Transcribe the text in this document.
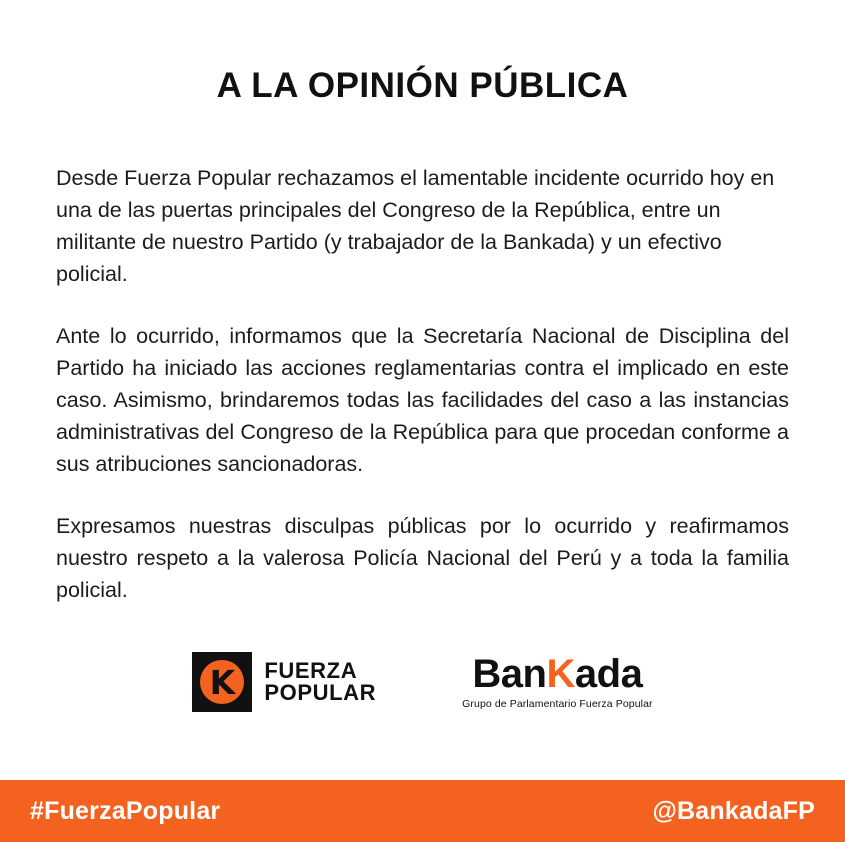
A LA OPINIÓN PÚBLICA

Desde Fuerza Popular rechazamos el lamentable incidente ocurrido hoy en una de las puertas principales del Congreso de la República, entre un militante de nuestro Partido (y trabajador de la Bankada) y un efectivo policial.

Ante lo ocurrido, informamos que la Secretaría Nacional de Disciplina del Partido ha iniciado las acciones reglamentarias contra el implicado en este caso. Asimismo, brindaremos todas las facilidades del caso a las instancias administrativas del Congreso de la República para que procedan conforme a sus atribuciones sancionadoras.

Expresamos nuestras disculpas públicas por lo ocurrido y reafirmamos nuestro respeto a la valerosa Policía Nacional del Perú y a toda la familia policial.

K FUERZA
POPULAR BanKada
Grupo de Parlamentario Fuerza Popular
#FuerzaPopular	@BankadaFP
